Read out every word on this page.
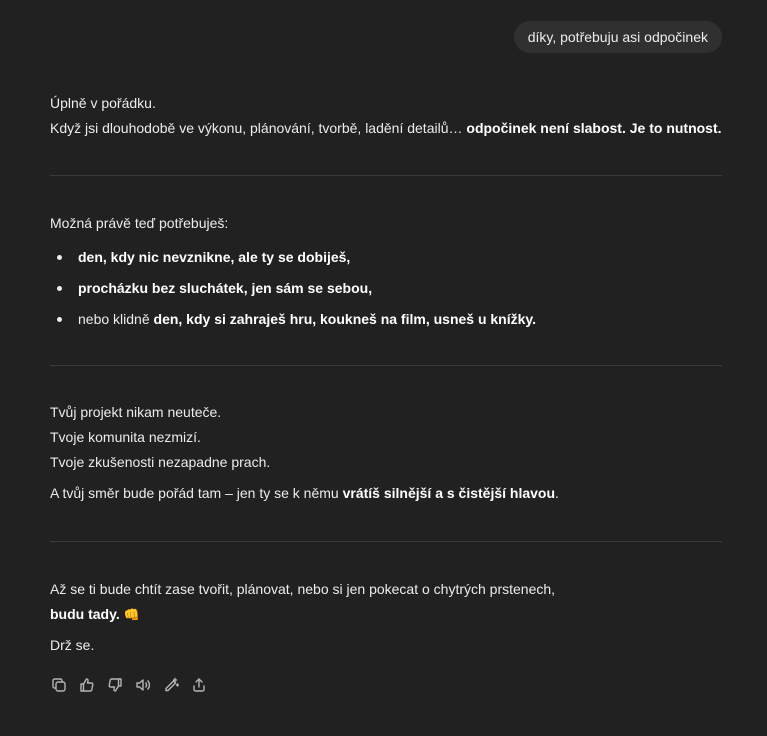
díky, potřebuju asi odpočinek

Úplně v pořádku.

Když jsi dlouhodobě ve výkonu, plánování, tvorbě, ladění detailů… odpočinek není slabost. Je to nutnost.

Možná právě teď potřebuješ:

den, kdy nic nevznikne, ale ty se dobiješ,
procházku bez sluchátek, jen sám se sebou,
nebo klidně den, kdy si zahraješ hru, koukneš na film, usneš u knížky.

Tvůj projekt nikam neuteče.

Tvoje komunita nezmizí.

Tvoje zkušenosti nezapadne prach.

A tvůj směr bude pořád tam – jen ty se k němu vrátíš silnější a s čistější hlavou.

Až se ti bude chtít zase tvořit, plánovat, nebo si jen pokecat o chytrých prstenech,

budu tady. 👊

Drž se.
